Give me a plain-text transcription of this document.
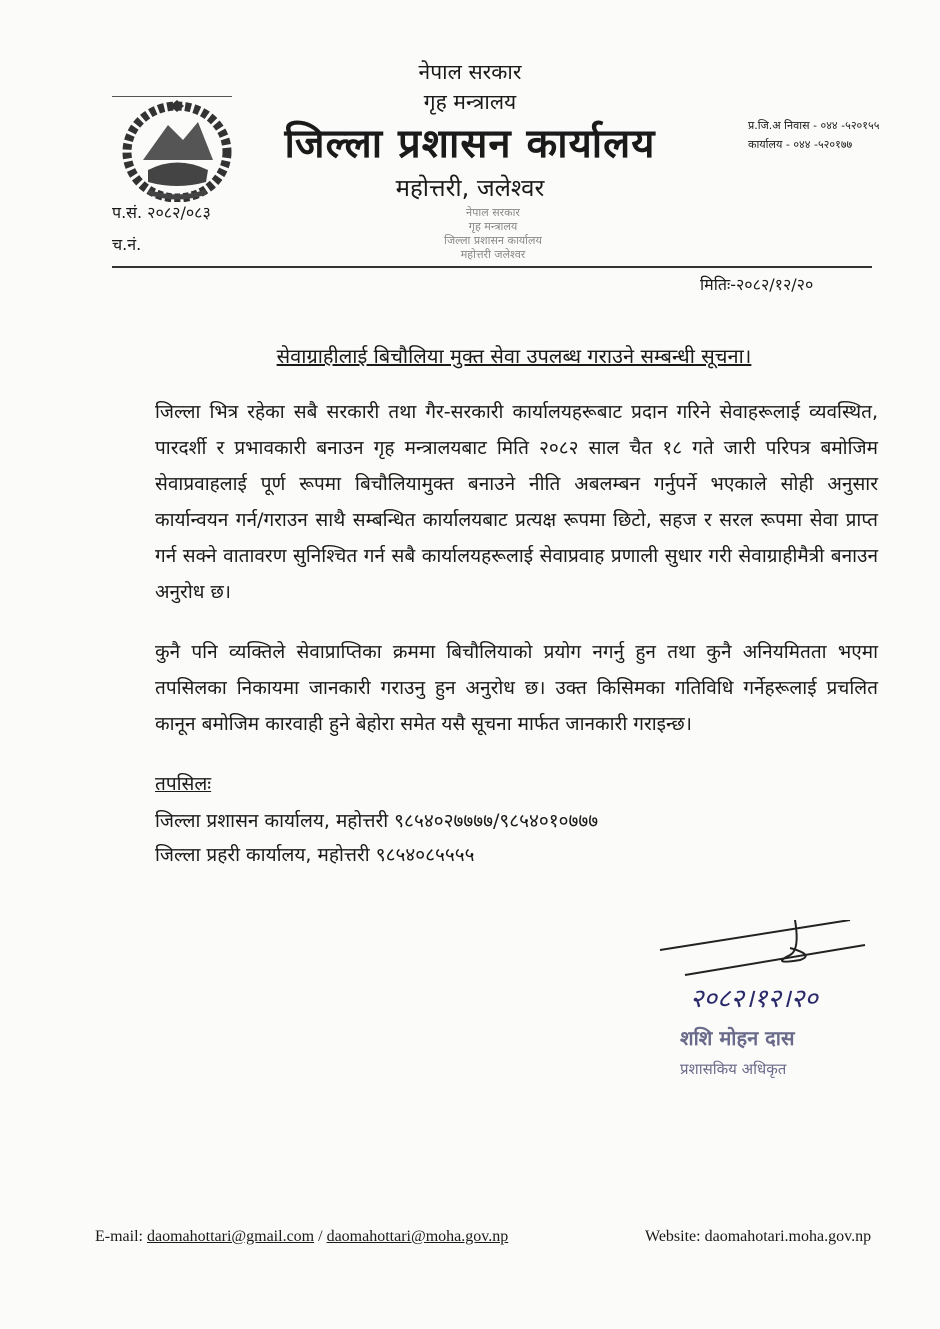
नेपाल सरकार
गृह मन्त्रालय
जिल्ला प्रशासन कार्यालय
महोत्तरी, जलेश्वर
नेपाल सरकार
गृह मन्त्रालय
जिल्ला प्रशासन कार्यालय
महोत्तरी जलेश्वर
प्र.जि.अ निवास - ०४४ -५२०१५५
कार्यालय - ०४४ -५२०१७७
प.सं. २०८२/०८३
च.नं.
मितिः-२०८२/१२/२०
सेवाग्राहीलाई बिचौलिया मुक्त सेवा उपलब्ध गराउने सम्बन्धी सूचना।
जिल्ला भित्र रहेका सबै सरकारी तथा गैर-सरकारी कार्यालयहरूबाट प्रदान गरिने सेवाहरूलाई व्यवस्थित, पारदर्शी र प्रभावकारी बनाउन गृह मन्त्रालयबाट मिति २०८२ साल चैत १८ गते जारी परिपत्र बमोजिम सेवाप्रवाहलाई पूर्ण रूपमा बिचौलियामुक्त बनाउने नीति अबलम्बन गर्नुपर्ने भएकाले सोही अनुसार कार्यान्वयन गर्न/गराउन साथै सम्बन्धित कार्यालयबाट प्रत्यक्ष रूपमा छिटो, सहज र सरल रूपमा सेवा प्राप्त गर्न सक्ने वातावरण सुनिश्चित गर्न सबै कार्यालयहरूलाई सेवाप्रवाह प्रणाली सुधार गरी सेवाग्राहीमैत्री बनाउन अनुरोध छ।
कुनै पनि व्यक्तिले सेवाप्राप्तिका क्रममा बिचौलियाको प्रयोग नगर्नु हुन तथा कुनै अनियमितता भएमा तपसिलका निकायमा जानकारी गराउनु हुन अनुरोध छ। उक्त किसिमका गतिविधि गर्नेहरूलाई प्रचलित कानून बमोजिम कारवाही हुने बेहोरा समेत यसै सूचना मार्फत जानकारी गराइन्छ।
तपसिलः
जिल्ला प्रशासन कार्यालय, महोत्तरी ९८५४०२७७७७/९८५४०१०७७७
जिल्ला प्रहरी कार्यालय, महोत्तरी ९८५४०८५५५५
२०८२।१२।२०
शशि मोहन दास
प्रशासकिय अधिकृत
E-mail: daomahottari@gmail.com / daomahottari@moha.gov.np	Website: daomahotari.moha.gov.np
